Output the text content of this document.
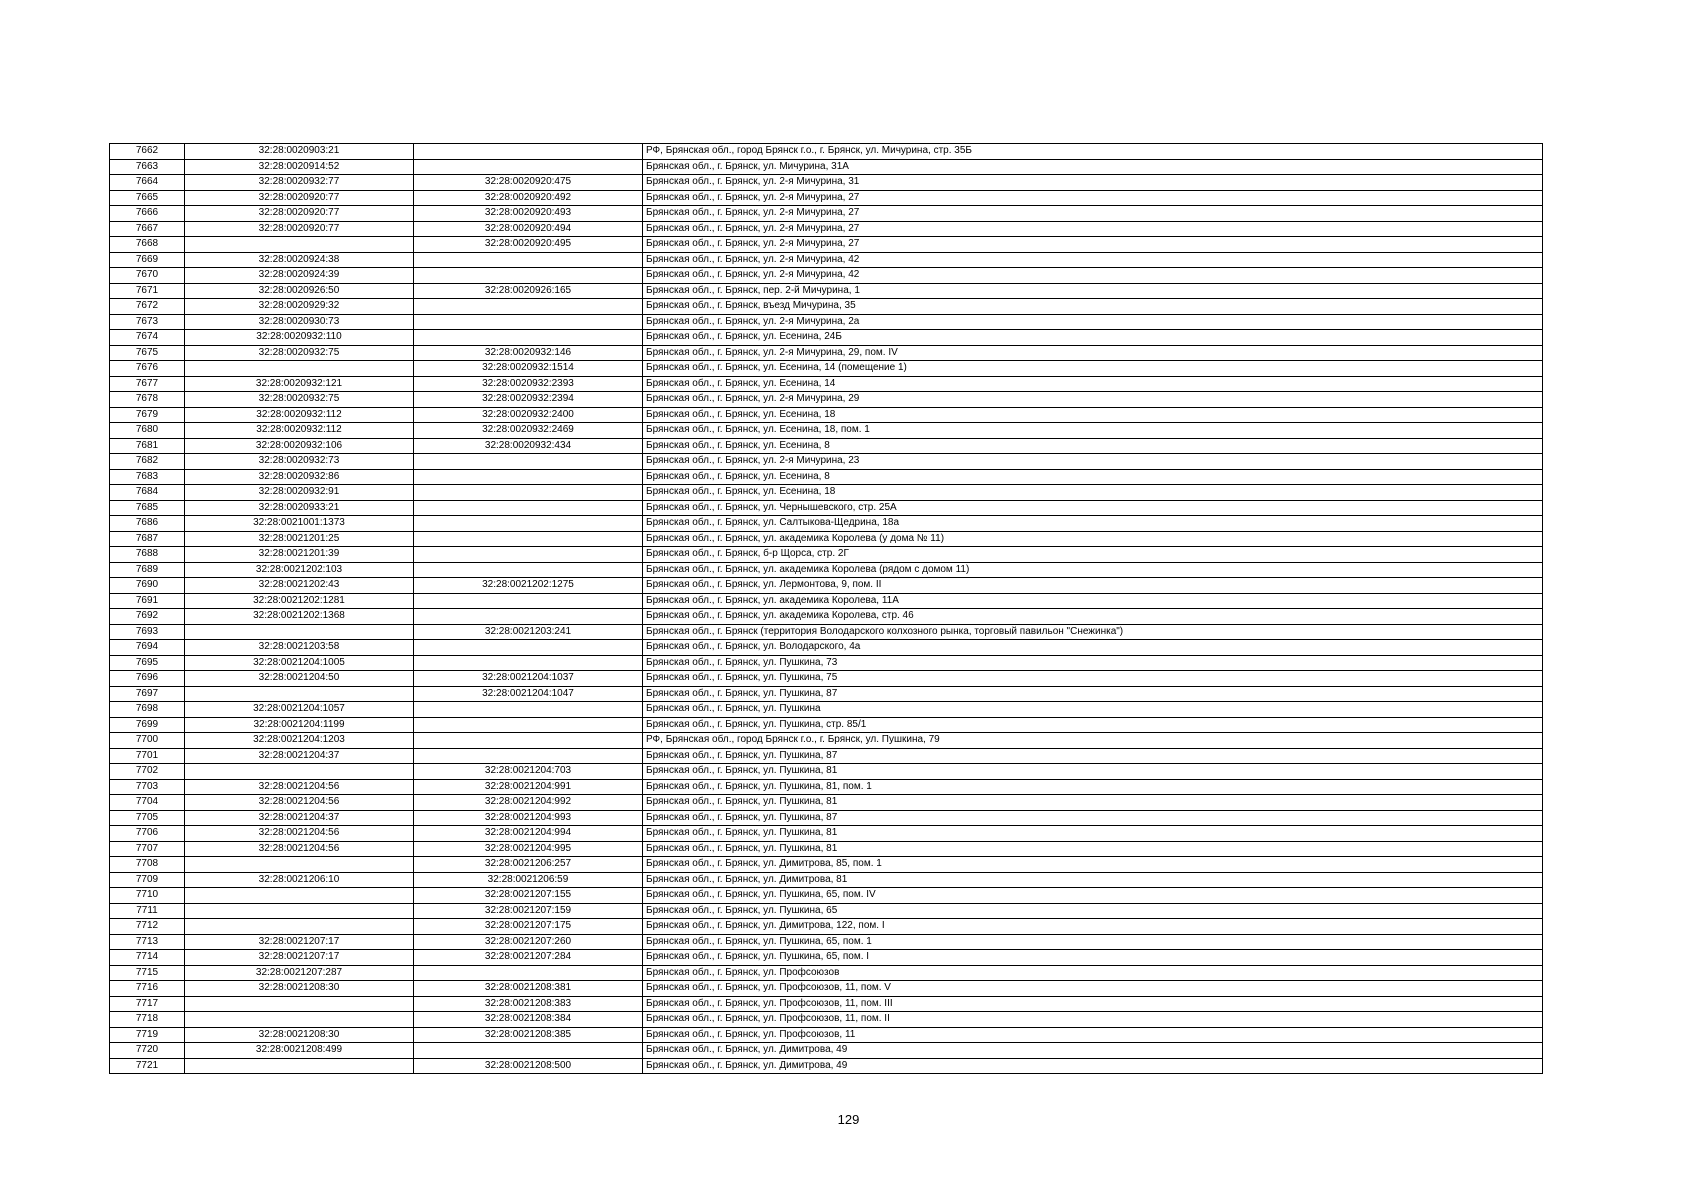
7662	32:28:0020903:21		РФ, Брянская обл., город Брянск г.о., г. Брянск, ул. Мичурина, стр. 35Б
7663	32:28:0020914:52		Брянская обл., г. Брянск, ул. Мичурина, 31А
7664	32:28:0020932:77	32:28:0020920:475	Брянская обл., г. Брянск, ул. 2-я Мичурина, 31
7665	32:28:0020920:77	32:28:0020920:492	Брянская обл., г. Брянск, ул. 2-я Мичурина, 27
7666	32:28:0020920:77	32:28:0020920:493	Брянская обл., г. Брянск, ул. 2-я Мичурина, 27
7667	32:28:0020920:77	32:28:0020920:494	Брянская обл., г. Брянск, ул. 2-я Мичурина, 27
7668		32:28:0020920:495	Брянская обл., г. Брянск, ул. 2-я Мичурина, 27
7669	32:28:0020924:38		Брянская обл., г. Брянск, ул. 2-я Мичурина, 42
7670	32:28:0020924:39		Брянская обл., г. Брянск, ул. 2-я Мичурина, 42
7671	32:28:0020926:50	32:28:0020926:165	Брянская обл., г. Брянск, пер. 2-й Мичурина, 1
7672	32:28:0020929:32		Брянская обл., г. Брянск, въезд Мичурина, 35
7673	32:28:0020930:73		Брянская обл., г. Брянск, ул. 2-я Мичурина, 2а
7674	32:28:0020932:110		Брянская обл., г. Брянск, ул. Есенина, 24Б
7675	32:28:0020932:75	32:28:0020932:146	Брянская обл., г. Брянск, ул. 2-я Мичурина, 29, пом. IV
7676		32:28:0020932:1514	Брянская обл., г. Брянск, ул. Есенина, 14 (помещение 1)
7677	32:28:0020932:121	32:28:0020932:2393	Брянская обл., г. Брянск, ул. Есенина, 14
7678	32:28:0020932:75	32:28:0020932:2394	Брянская обл., г. Брянск, ул. 2-я Мичурина, 29
7679	32:28:0020932:112	32:28:0020932:2400	Брянская обл., г. Брянск, ул. Есенина, 18
7680	32:28:0020932:112	32:28:0020932:2469	Брянская обл., г. Брянск, ул. Есенина, 18, пом. 1
7681	32:28:0020932:106	32:28:0020932:434	Брянская обл., г. Брянск, ул. Есенина, 8
7682	32:28:0020932:73		Брянская обл., г. Брянск, ул. 2-я Мичурина, 23
7683	32:28:0020932:86		Брянская обл., г. Брянск, ул. Есенина, 8
7684	32:28:0020932:91		Брянская обл., г. Брянск, ул. Есенина, 18
7685	32:28:0020933:21		Брянская обл., г. Брянск, ул. Чернышевского, стр. 25А
7686	32:28:0021001:1373		Брянская обл., г. Брянск, ул. Салтыкова-Щедрина, 18а
7687	32:28:0021201:25		Брянская обл., г. Брянск, ул. академика Королева (у дома № 11)
7688	32:28:0021201:39		Брянская обл., г. Брянск, б-р Щорса, стр. 2Г
7689	32:28:0021202:103		Брянская обл., г. Брянск, ул. академика Королева (рядом с домом 11)
7690	32:28:0021202:43	32:28:0021202:1275	Брянская обл., г. Брянск, ул. Лермонтова, 9, пом. II
7691	32:28:0021202:1281		Брянская обл., г. Брянск, ул. академика Королева, 11А
7692	32:28:0021202:1368		Брянская обл., г. Брянск, ул. академика Королева, стр. 46
7693		32:28:0021203:241	Брянская обл., г. Брянск (территория Володарского колхозного рынка, торговый павильон "Снежинка")
7694	32:28:0021203:58		Брянская обл., г. Брянск, ул. Володарского, 4а
7695	32:28:0021204:1005		Брянская обл., г. Брянск, ул. Пушкина, 73
7696	32:28:0021204:50	32:28:0021204:1037	Брянская обл., г. Брянск, ул. Пушкина, 75
7697		32:28:0021204:1047	Брянская обл., г. Брянск, ул. Пушкина, 87
7698	32:28:0021204:1057		Брянская обл., г. Брянск, ул. Пушкина
7699	32:28:0021204:1199		Брянская обл., г. Брянск, ул. Пушкина, стр. 85/1
7700	32:28:0021204:1203		РФ, Брянская обл., город Брянск г.о., г. Брянск, ул. Пушкина, 79
7701	32:28:0021204:37		Брянская обл., г. Брянск, ул. Пушкина, 87
7702		32:28:0021204:703	Брянская обл., г. Брянск, ул. Пушкина, 81
7703	32:28:0021204:56	32:28:0021204:991	Брянская обл., г. Брянск, ул. Пушкина, 81, пом. 1
7704	32:28:0021204:56	32:28:0021204:992	Брянская обл., г. Брянск, ул. Пушкина, 81
7705	32:28:0021204:37	32:28:0021204:993	Брянская обл., г. Брянск, ул. Пушкина, 87
7706	32:28:0021204:56	32:28:0021204:994	Брянская обл., г. Брянск, ул. Пушкина, 81
7707	32:28:0021204:56	32:28:0021204:995	Брянская обл., г. Брянск, ул. Пушкина, 81
7708		32:28:0021206:257	Брянская обл., г. Брянск, ул. Димитрова, 85, пом. 1
7709	32:28:0021206:10	32:28:0021206:59	Брянская обл., г. Брянск, ул. Димитрова, 81
7710		32:28:0021207:155	Брянская обл., г. Брянск, ул. Пушкина, 65, пом. IV
7711		32:28:0021207:159	Брянская обл., г. Брянск, ул. Пушкина, 65
7712		32:28:0021207:175	Брянская обл., г. Брянск, ул. Димитрова, 122, пом. I
7713	32:28:0021207:17	32:28:0021207:260	Брянская обл., г. Брянск, ул. Пушкина, 65, пом. 1
7714	32:28:0021207:17	32:28:0021207:284	Брянская обл., г. Брянск, ул. Пушкина, 65, пом. I
7715	32:28:0021207:287		Брянская обл., г. Брянск, ул. Профсоюзов
7716	32:28:0021208:30	32:28:0021208:381	Брянская обл., г. Брянск, ул. Профсоюзов, 11, пом. V
7717		32:28:0021208:383	Брянская обл., г. Брянск, ул. Профсоюзов, 11, пом. III
7718		32:28:0021208:384	Брянская обл., г. Брянск, ул. Профсоюзов, 11, пом. II
7719	32:28:0021208:30	32:28:0021208:385	Брянская обл., г. Брянск, ул. Профсоюзов, 11
7720	32:28:0021208:499		Брянская обл., г. Брянск, ул. Димитрова, 49
7721		32:28:0021208:500	Брянская обл., г. Брянск, ул. Димитрова, 49
129
